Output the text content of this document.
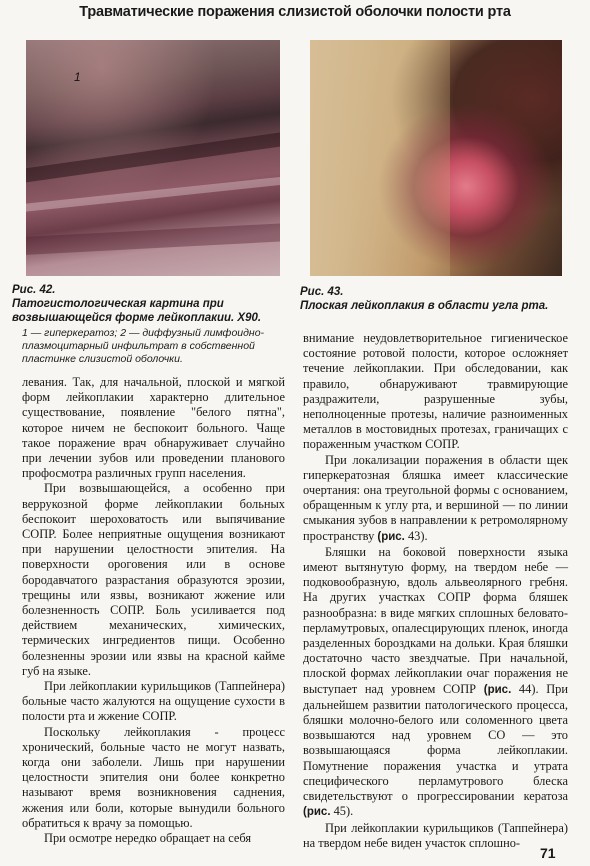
Травматические поражения слизистой оболочки полости рта
1
Рис. 42.
Патогистологическая картина при возвышающейся форме лейкоплакии. X90.
1 — гиперкератоз; 2 — диффузный лимфоидно-плазмоцитарный инфильтрат в собственной пластинке слизистой оболочки.
Рис. 43.
Плоская лейкоплакия в области угла рта.

левания. Так, для начальной, плоской и мягкой форм лейкоплакии характерно длительное существование, появление "белого пятна", которое ничем не беспокоит больного. Чаще такое поражение врач обнаруживает случайно при лечении зубов или проведении планового профосмотра различных групп населения.

При возвышающейся, а особенно при веррукозной форме лейкоплакии больных беспокоит шероховатость или выпячивание СОПР. Более неприятные ощущения возникают при нарушении целостности эпителия. На поверхности ороговения или в основе бородавчатого разрастания образуются эрозии, трещины или язвы, возникают жжение или болезненность СОПР. Боль усиливается под действием механических, химических, термических ингредиентов пищи. Особенно болезненны эрозии или язвы на красной кайме губ на языке.

При лейкоплакии курильщиков (Таппейнера) больные часто жалуются на ощущение сухости в полости рта и жжение СОПР.

Поскольку лейкоплакия - процесс хронический, больные часто не могут назвать, когда они заболели. Лишь при нарушении целостности эпителия они более конкретно называют время возникновения саднения, жжения или боли, которые вынудили больного обратиться к врачу за помощью.

При осмотре нередко обращает на себя

внимание неудовлетворительное гигиеническое состояние ротовой полости, которое осложняет течение лейкоплакии. При обследовании, как правило, обнаруживают травмирующие раздражители, разрушенные зубы, неполноценные протезы, наличие разноименных металлов в мостовидных протезах, граничащих с пораженным участком СОПР.

При локализации поражения в области щек гиперкератозная бляшка имеет классические очертания: она треугольной формы с основанием, обращенным к углу рта, и вершиной — по линии смыкания зубов в направлении к ретромолярному пространству (рис. 43).

Бляшки на боковой поверхности языка имеют вытянутую форму, на твердом небе — подковообразную, вдоль альвеолярного гребня. На других участках СОПР форма бляшек разнообразна: в виде мягких сплошных беловато-перламутровых, опалесцирующих пленок, иногда разделенных бороздками на дольки. Края бляшки достаточно часто звездчатые. При начальной, плоской формах лейкоплакии очаг поражения не выступает над уровнем СОПР (рис. 44). При дальнейшем развитии патологического процесса, бляшки молочно-белого или соломенного цвета возвышаются над уровнем СО — это возвышающаяся форма лейкоплакии. Помутнение поражения участка и утрата специфического перламутрового блеска свидетельствуют о прогрессировании кератоза (рис. 45).

При лейкоплакии курильщиков (Таппейнера) на твердом небе виден участок сплошно-

71
